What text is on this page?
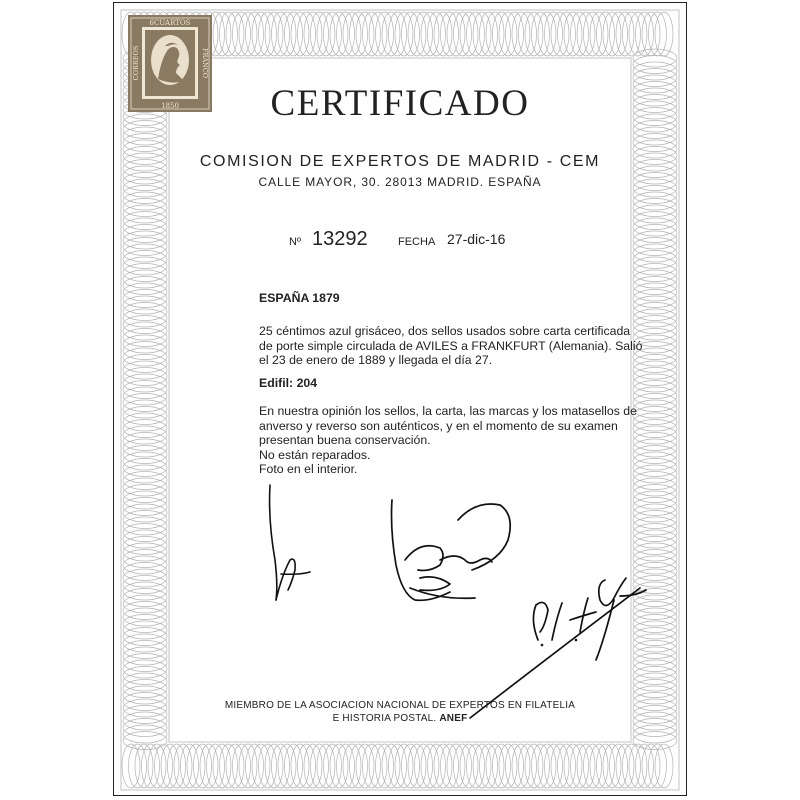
6CUARTOS
1850
CORREOS	FRANCO
CERTIFICADO
COMISION DE EXPERTOS DE MADRID - CEM
CALLE MAYOR, 30. 28013 MADRID. ESPAÑA
Nº 13292	FECHA 27-dic-16
ESPAÑA 1879
25 céntimos azul grisáceo, dos sellos usados sobre carta certificada
de porte simple circulada de AVILES a FRANKFURT (Alemania). Salió
el 23 de enero de 1889 y llegada el día 27.
Edifil: 204
En nuestra opinión los sellos, la carta, las marcas y los matasellos de
anverso y reverso son auténticos, y en el momento de su examen
presentan buena conservación.
No están reparados.
Foto en el interior.
MIEMBRO DE LA ASOCIACION NACIONAL DE EXPERTOS EN FILATELIA
E HISTORIA POSTAL. ANEF
